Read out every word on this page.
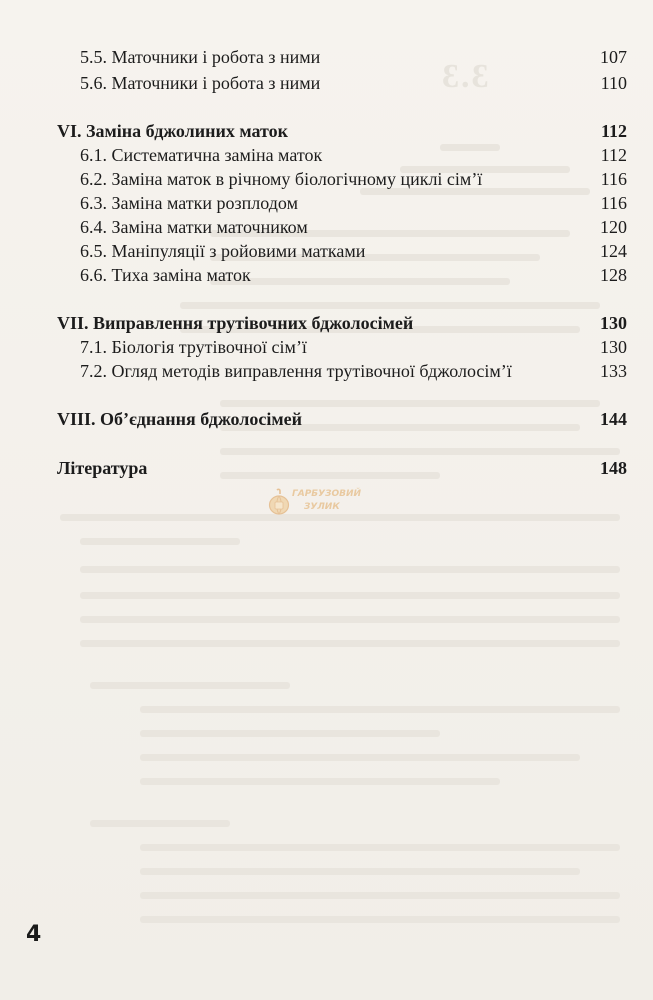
3.3
5.5. Маточники і робота з ними	107
5.6. Маточники і робота з ними	110
VI. Заміна бджолиних маток	112
6.1. Систематична заміна маток	112
6.2. Заміна маток в річному біологічному циклі сім’ї	116
6.3. Заміна матки розплодом	116
6.4. Заміна матки маточником	120
6.5. Маніпуляції з ройовими матками	124
6.6. Тиха заміна маток	128
VII. Виправлення трутівочних бджолосімей	130
7.1. Біологія трутівочної сім’ї	130
7.2. Огляд методів виправлення трутівочної бджолосім’ї	133
VIII. Об’єднання бджолосімей	144
Література	148
ГАРБУЗОВИЙ
ЗУЛИК
4
